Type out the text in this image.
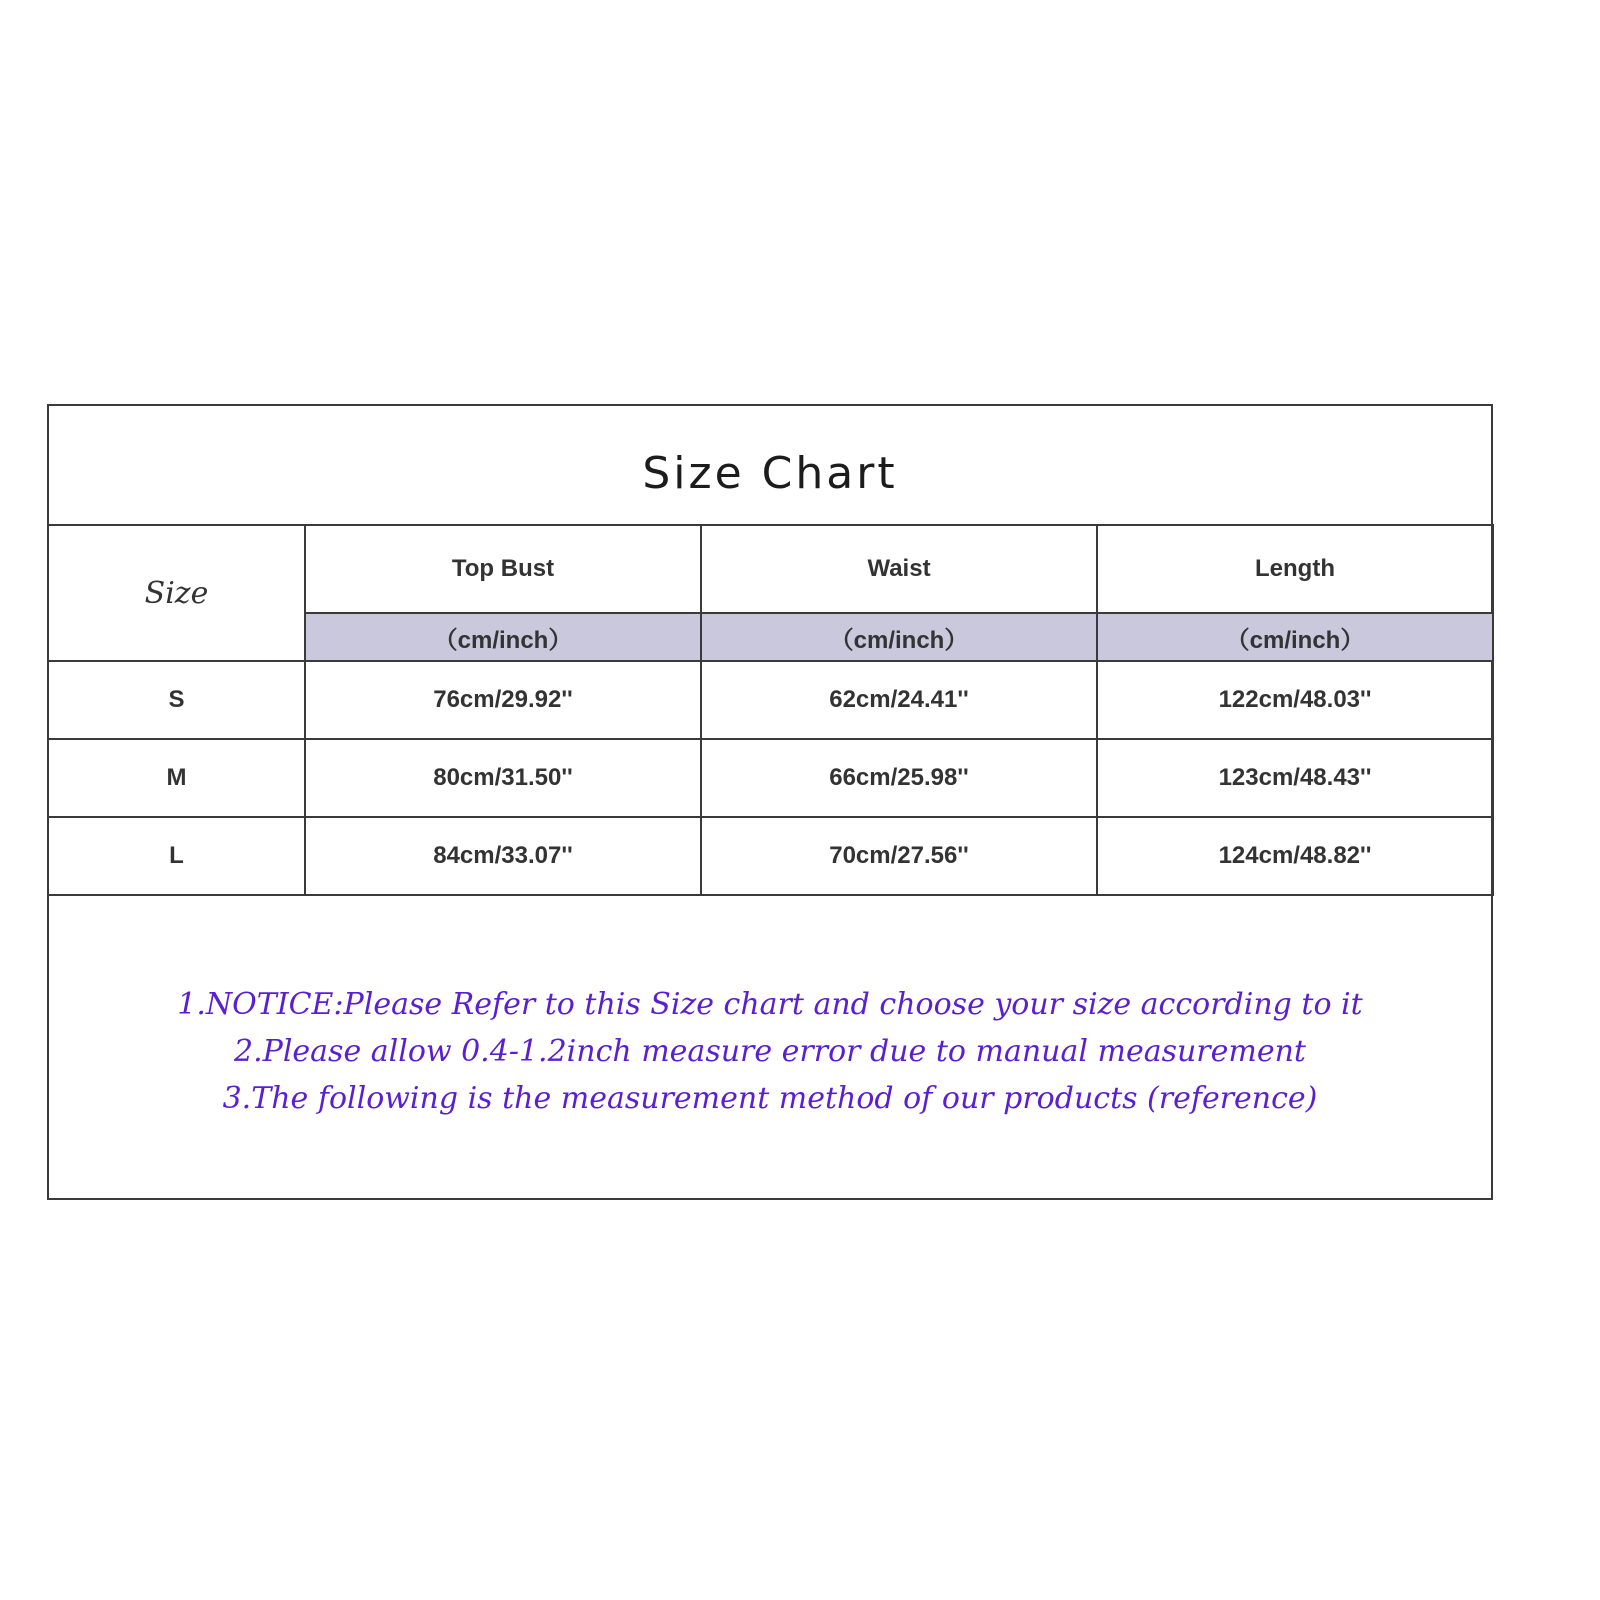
Size Chart
Size	Top Bust	Waist	Length
	（cm/inch）	（cm/inch）	（cm/inch）
S	76cm/29.92''	62cm/24.41''	122cm/48.03''
M	80cm/31.50''	66cm/25.98''	123cm/48.43''
L	84cm/33.07''	70cm/27.56''	124cm/48.82''
1.NOTICE:Please Refer to this Size chart and choose your size according to it
2.Please allow 0.4-1.2inch measure error due to manual measurement
3.The following is the measurement method of our products (reference)
